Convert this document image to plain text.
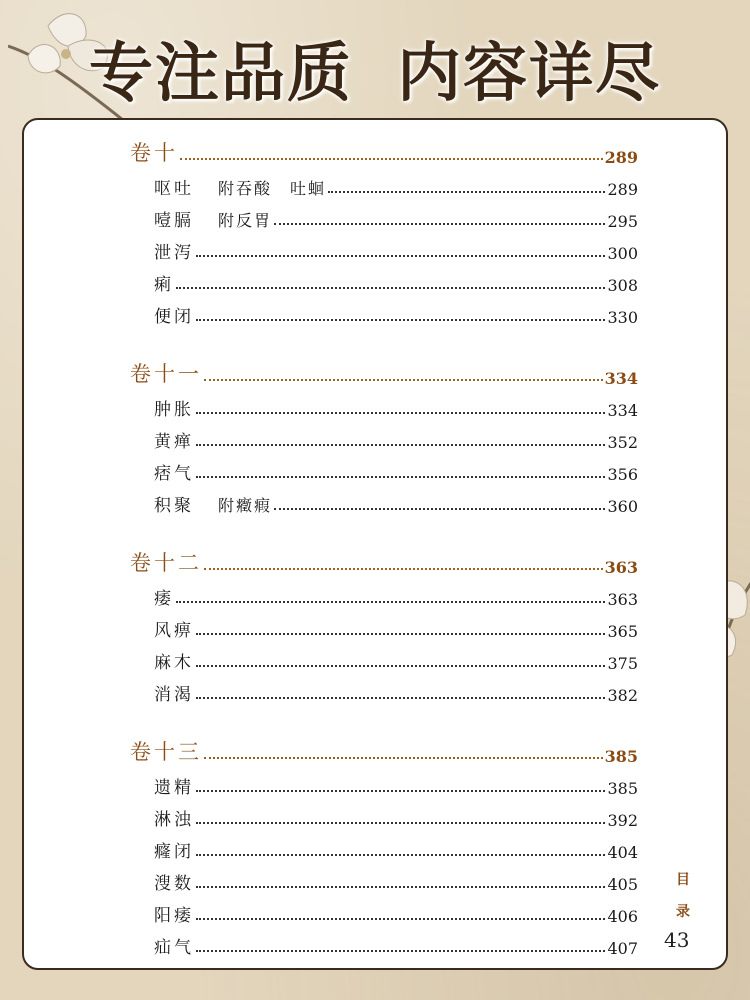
专注品质 内容详尽
卷十	289
呕吐 附吞酸　吐蛔	289
噎膈 附反胃	295
泄泻	300
痢	308
便闭	330
卷十一	334
肿胀	334
黄瘅	352
痞气	356
积聚 附癥瘕	360
卷十二	363
痿	363
风痹	365
麻木	375
消渴	382
卷十三	385
遗精	385
淋浊	392
癃闭	404
溲数	405
阳痿	406
疝气	407
目
录
43
